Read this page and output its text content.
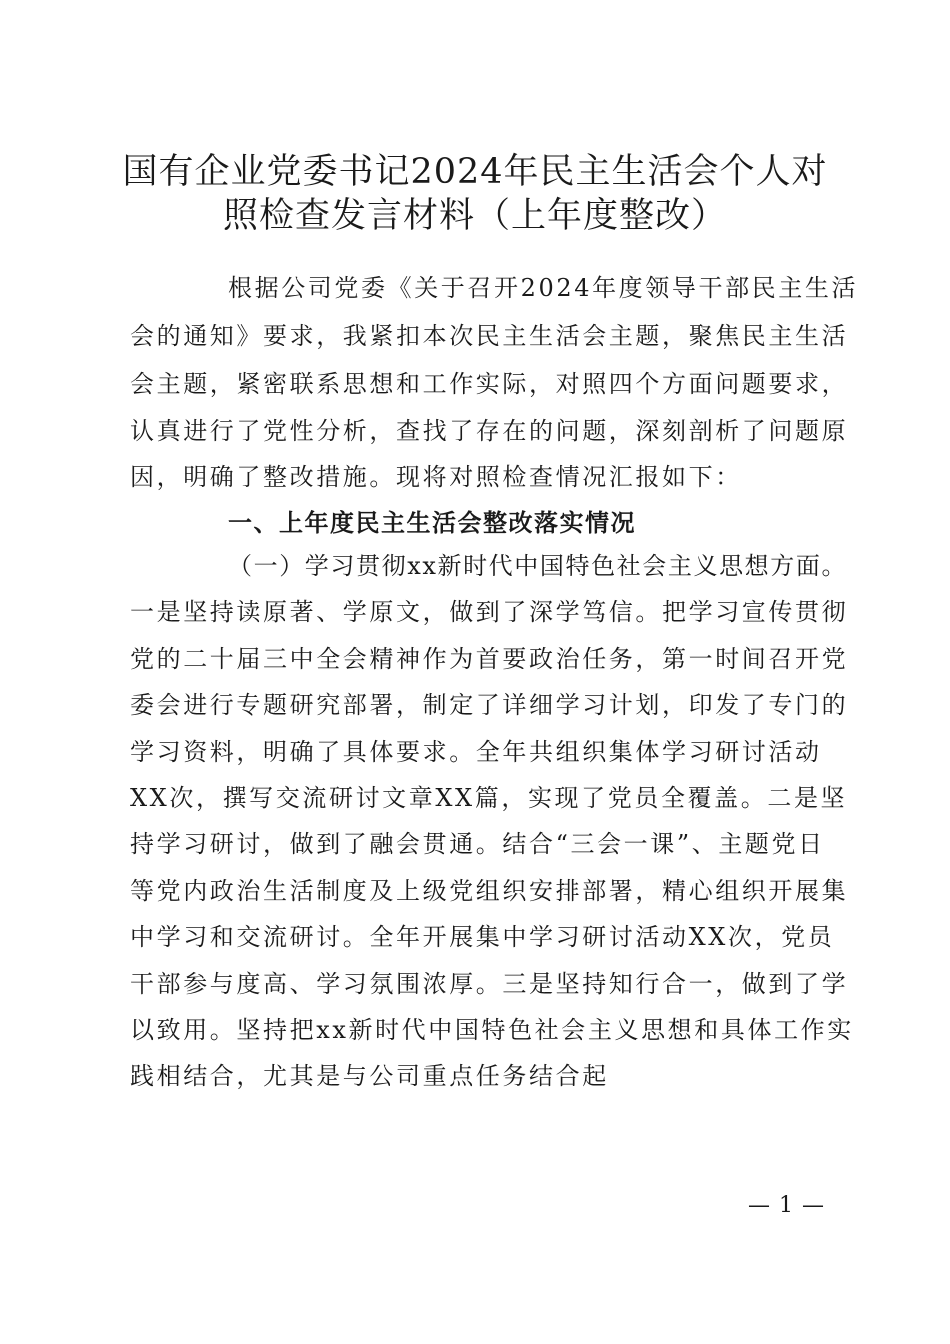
国有企业党委书记2024年民主生活会个人对
照检查发言材料（上年度整改）

根据公司党委《关于召开2024年度领导干部民主生活

会的通知》要求，我紧扣本次民主生活会主题，聚焦民主生活

会主题，紧密联系思想和工作实际，对照四个方面问题要求，

认真进行了党性分析，查找了存在的问题，深刻剖析了问题原

因，明确了整改措施。现将对照检查情况汇报如下：

一、上年度民主生活会整改落实情况

（一）学习贯彻xx新时代中国特色社会主义思想方面。

一是坚持读原著、学原文，做到了深学笃信。把学习宣传贯彻

党的二十届三中全会精神作为首要政治任务，第一时间召开党

委会进行专题研究部署，制定了详细学习计划，印发了专门的

学习资料，明确了具体要求。全年共组织集体学习研讨活动

XX次，撰写交流研讨文章XX篇，实现了党员全覆盖。二是坚

持学习研讨，做到了融会贯通。结合“三会一课”、主题党日

等党内政治生活制度及上级党组织安排部署，精心组织开展集

中学习和交流研讨。全年开展集中学习研讨活动XX次，党员

干部参与度高、学习氛围浓厚。三是坚持知行合一，做到了学

以致用。坚持把xx新时代中国特色社会主义思想和具体工作实

践相结合，尤其是与公司重点任务结合起

— 1 —
